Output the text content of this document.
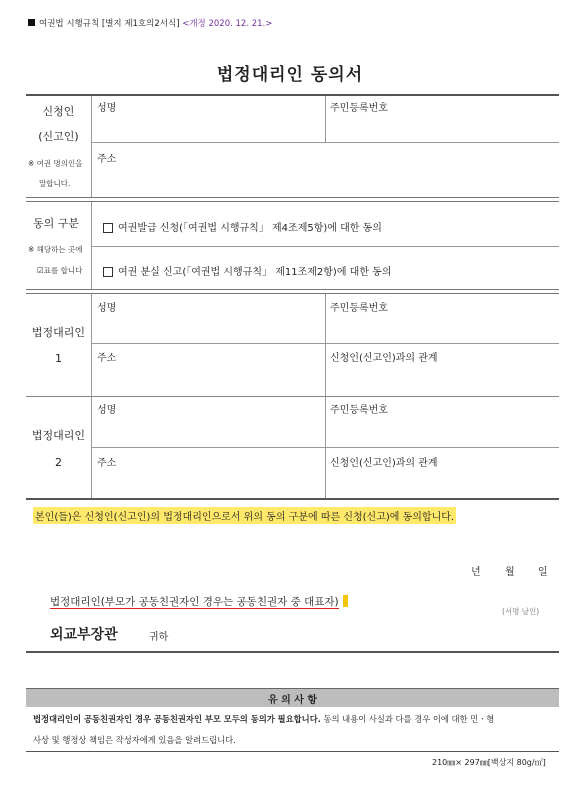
여권법 시행규칙 [별지 제1호의2서식] <개정 2020. 12. 21.>
법정대리인 동의서
신청인
(신고인)
※ 여권 명의인을
말합니다.
성명	주민등록번호
주소
동의 구분
※ 해당하는 곳에
☑표를 합니다
여권발급 신청(「여권법 시행규칙」 제4조제5항)에 대한 동의
여권 분실 신고(「여권법 시행규칙」 제11조제2항)에 대한 동의
법정대리인
1
성명	주민등록번호
주소	신청인(신고인)과의 관계
법정대리인
2
성명	주민등록번호
주소	신청인(신고인)과의 관계
본인(들)은 신청인(신고인)의 법정대리인으로서 위의 동의 구분에 따른 신청(신고)에 동의합니다.
년 월 일
법정대리인(부모가 공동친권자인 경우는 공동친권자 중 대표자)
(서명 날인)
외교부장관	귀하
유 의 사 항
법정대리인이 공동친권자인 경우 공동친권자인 부모 모두의 동의가 필요합니다. 동의 내용이 사실과 다를 경우 이에 대한 민ㆍ형
사상 및 행정상 책임은 작성자에게 있음을 알려드립니다.
210㎜× 297㎜[백상지 80g/㎡]
